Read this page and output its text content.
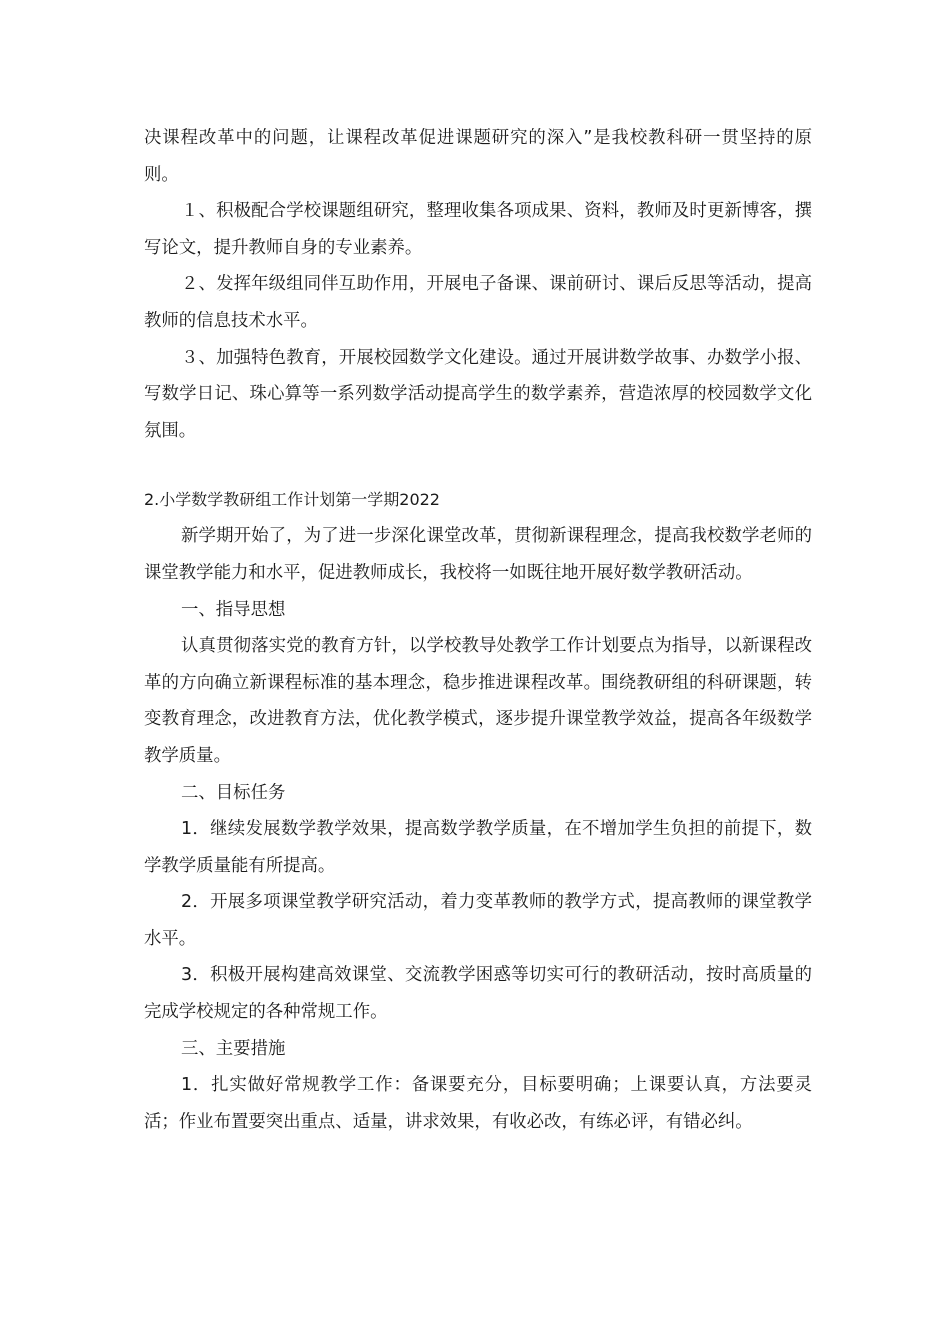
决课程改革中的问题，让课程改革促进课题研究的深入”是我校教科研一贯坚持的原则。

１、积极配合学校课题组研究，整理收集各项成果、资料，教师及时更新博客，撰写论文，提升教师自身的专业素养。

２、发挥年级组同伴互助作用，开展电子备课、课前研讨、课后反思等活动，提高教师的信息技术水平。

３、加强特色教育，开展校园数学文化建设。通过开展讲数学故事、办数学小报、写数学日记、珠心算等一系列数学活动提高学生的数学素养，营造浓厚的校园数学文化氛围。

2.小学数学教研组工作计划第一学期2022

新学期开始了，为了进一步深化课堂改革，贯彻新课程理念，提高我校数学老师的课堂教学能力和水平，促进教师成长，我校将一如既往地开展好数学教研活动。

一、指导思想

认真贯彻落实党的教育方针，以学校教导处教学工作计划要点为指导，以新课程改革的方向确立新课程标准的基本理念，稳步推进课程改革。围绕教研组的科研课题，转变教育理念，改进教育方法，优化教学模式，逐步提升课堂教学效益，提高各年级数学教学质量。

二、目标任务

1．继续发展数学教学效果，提高数学教学质量，在不增加学生负担的前提下，数学教学质量能有所提高。

2．开展多项课堂教学研究活动，着力变革教师的教学方式，提高教师的课堂教学水平。

3．积极开展构建高效课堂、交流教学困惑等切实可行的教研活动，按时高质量的完成学校规定的各种常规工作。

三、主要措施

1．扎实做好常规教学工作：备课要充分，目标要明确；上课要认真，方法要灵活；作业布置要突出重点、适量，讲求效果，有收必改，有练必评，有错必纠。
